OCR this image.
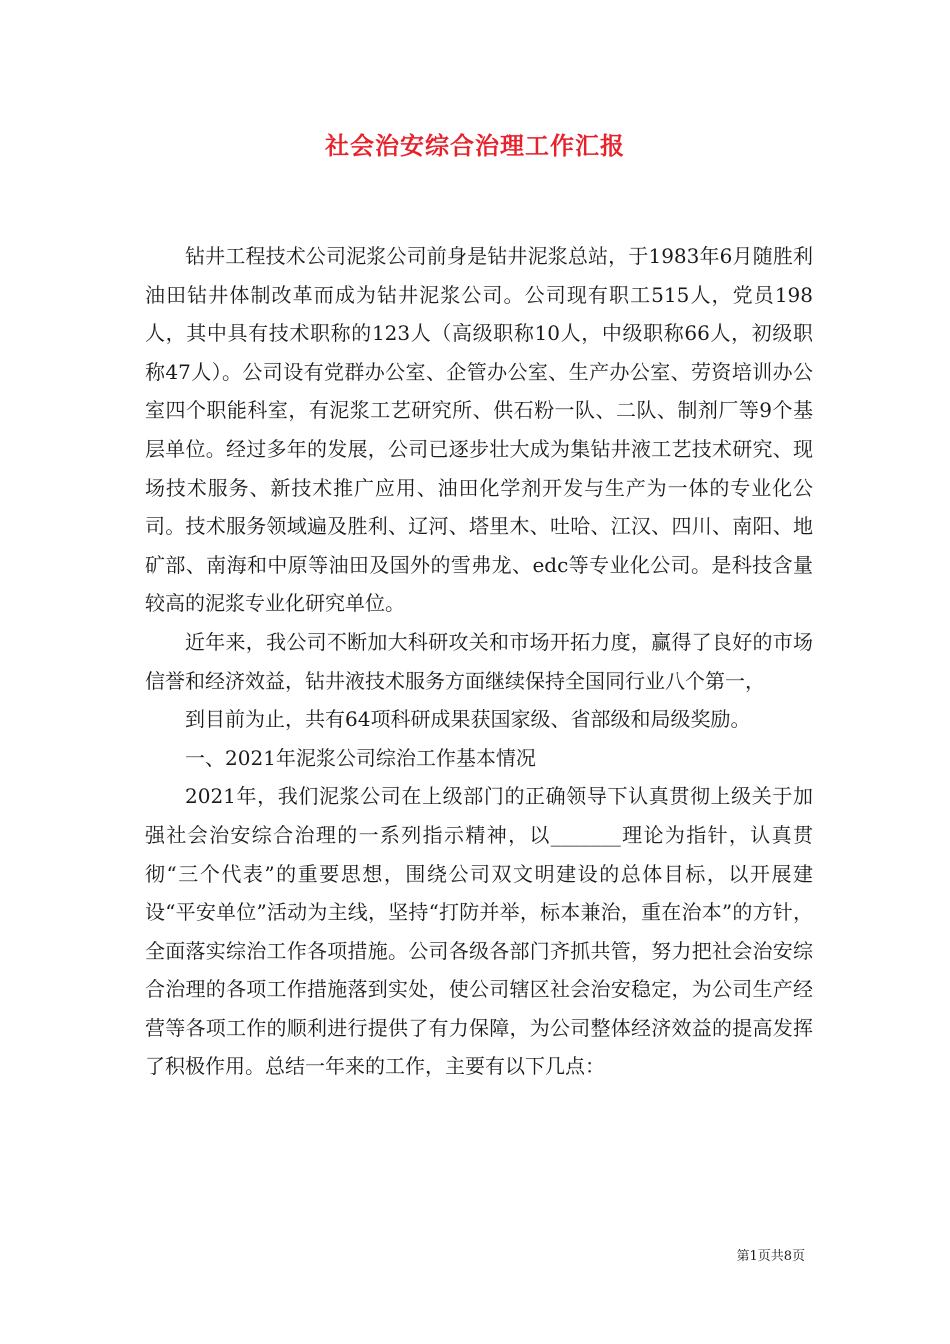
社会治安综合治理工作汇报

钻井工程技术公司泥浆公司前身是钻井泥浆总站，于1983年6月随胜利油田钻井体制改革而成为钻井泥浆公司。公司现有职工515人，党员198人，其中具有技术职称的123人（高级职称10人，中级职称66人，初级职称47人）。公司设有党群办公室、企管办公室、生产办公室、劳资培训办公室四个职能科室，有泥浆工艺研究所、供石粉一队、二队、制剂厂等9个基层单位。经过多年的发展，公司已逐步壮大成为集钻井液工艺技术研究、现场技术服务、新技术推广应用、油田化学剂开发与生产为一体的专业化公司。技术服务领域遍及胜利、辽河、塔里木、吐哈、江汉、四川、南阳、地矿部、南海和中原等油田及国外的雪弗龙、edc等专业化公司。是科技含量较高的泥浆专业化研究单位。

近年来，我公司不断加大科研攻关和市场开拓力度，赢得了良好的市场信誉和经济效益，钻井液技术服务方面继续保持全国同行业八个第一，

到目前为止，共有64项科研成果获国家级、省部级和局级奖励。

一、2021年泥浆公司综治工作基本情况

2021年，我们泥浆公司在上级部门的正确领导下认真贯彻上级关于加强社会治安综合治理的一系列指示精神，以_______理论为指针，认真贯彻“三个代表”的重要思想，围绕公司双文明建设的总体目标，以开展建设“平安单位”活动为主线，坚持“打防并举，标本兼治，重在治本”的方针，全面落实综治工作各项措施。公司各级各部门齐抓共管，努力把社会治安综合治理的各项工作措施落到实处，使公司辖区社会治安稳定，为公司生产经营等各项工作的顺利进行提供了有力保障，为公司整体经济效益的提高发挥了积极作用。总结一年来的工作，主要有以下几点：

第1页共8页
